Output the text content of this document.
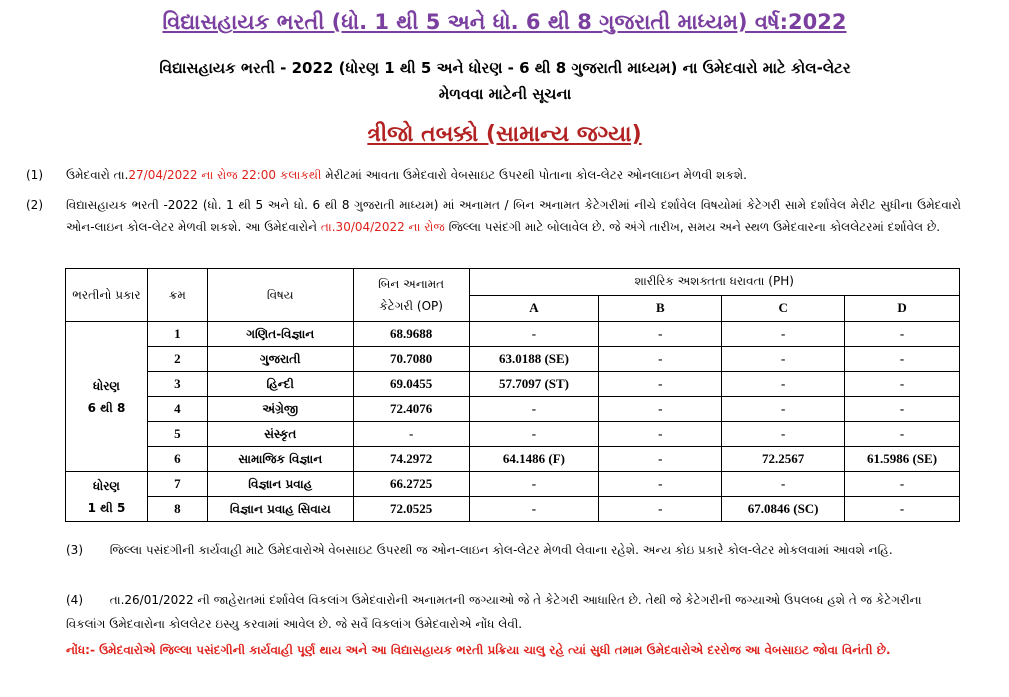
વિદ્યાસહાયક ભરતી (ધો. 1 થી 5 અને ધો. 6 થી 8 ગુજરાતી માધ્યમ) વર્ષ:2022
વિદ્યાસહાયક ભરતી - 2022 (ધોરણ 1 થી 5 અને ધોરણ - 6 થી 8 ગુજરાતી માધ્યમ) ના ઉમેદવારો માટે કોલ-લેટર
મેળવવા માટેની સૂચના
ત્રીજો તબક્કો (સામાન્ય જગ્યા)
(1) ઉમેદવારો તા.27/04/2022 ના રોજ 22:00 કલાકથી મેરીટમાં આવતા ઉમેદવારો વેબસાઇટ ઉપરથી પોતાના કોલ-લેટર ઓનલાઇન મેળવી શકશે.
(2) વિદ્યાસહાયક ભરતી -2022 (ધો. 1 થી 5 અને ધો. 6 થી 8 ગુજરાતી માધ્યમ) માં અનામત / બિન અનામત કેટેગરીમાં નીચે દર્શાવેલ વિષયોમાં કેટેગરી સામે દર્શાવેલ મેરીટ સુધીના ઉમેદવારો ઓન-લાઇન કોલ-લેટર મેળવી શકશે. આ ઉમેદવારોને તા.30/04/2022 ના રોજ જિલ્લા પસંદગી માટે બોલાવેલ છે. જે અંગે તારીખ, સમય અને સ્થળ ઉમેદવારના કોલલેટરમાં દર્શાવેલ છે.
ભરતીનો પ્રકાર	ક્રમ	વિષય	બિન અનામત
કેટેગરી (OP)	શારીરિક અશક્તતા ધરાવતા (PH)			
				A	B	C	D

ધોરણ
6 થી 8	1	ગણિત-વિજ્ઞાન	68.9688	-	-	-	-
	2	ગુજરાતી	70.7080	63.0188 (SE)	-	-	-
	3	હિન્દી	69.0455	57.7097 (ST)	-	-	-
	4	અંગ્રેજી	72.4076	-	-	-	-
	5	સંસ્કૃત	-	-	-	-	-
	6	સામાજિક વિજ્ઞાન	74.2972	64.1486 (F)	-	72.2567	61.5986 (SE)

ધોરણ
1 થી 5	7	વિજ્ઞાન પ્રવાહ	66.2725	-	-	-	-
	8	વિજ્ઞાન પ્રવાહ સિવાય	72.0525	-	-	67.0846 (SC)	-
(3) જિલ્લા પસંદગીની કાર્યવાહી માટે ઉમેદવારોએ વેબસાઇટ ઉપરથી જ ઓન-લાઇન કોલ-લેટર મેળવી લેવાના રહેશે. અન્ય કોઇ પ્રકારે કોલ-લેટર મોકલવામાં આવશે નહિ.
(4) તા.26/01/2022 ની જાહેરાતમાં દર્શાવેલ વિકલાંગ ઉમેદવારોની અનામતની જગ્યાઓ જે તે કેટેગરી આધારિત છે. તેથી જે કેટેગરીની જગ્યાઓ ઉપલબ્ધ હશે તે જ કેટેગરીના વિકલાંગ ઉમેદવારોના કોલલેટર ઇસ્યુ કરવામાં આવેલ છે. જે સર્વે વિકલાંગ ઉમેદવારોએ નોંધ લેવી.
નોંધ:- ઉમેદવારોએ જિલ્લા પસંદગીની કાર્યવાહી પૂર્ણ થાય અને આ વિદ્યાસહાયક ભરતી પ્રક્રિયા ચાલુ રહે ત્યાં સુધી તમામ ઉમેદવારોએ દરરોજ આ વેબસાઇટ જોવા વિનંતી છે.
